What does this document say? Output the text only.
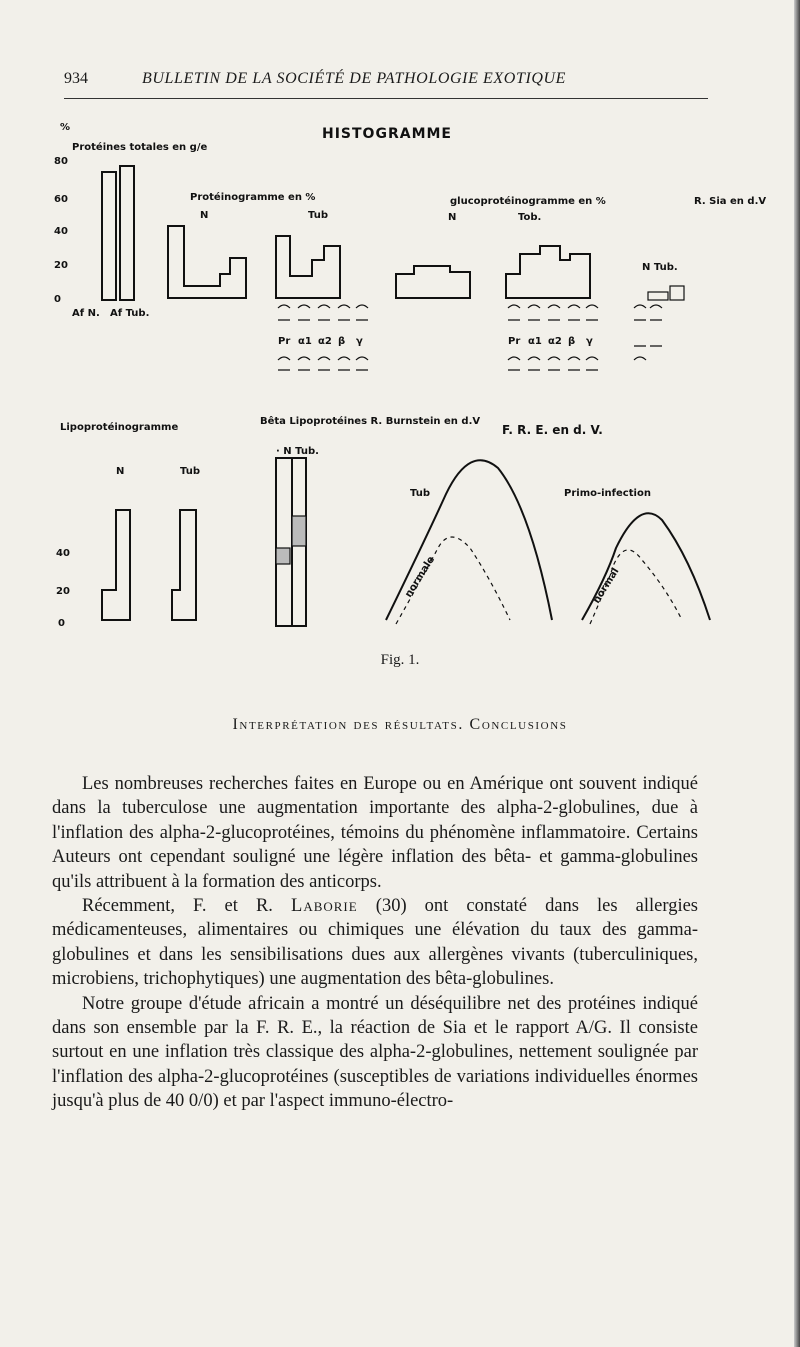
934	BULLETIN DE LA SOCIÉTÉ DE PATHOLOGIE EXOTIQUE
HISTOGRAMME
%
80
60
40
20
0
Protéines totales en g/e
Af N. Af Tub.
Protéinogramme en %
N	Tub
glucoprotéinogramme en %
N	Tob.
R. Sia en d.V
N Tub.
Pr α1 α2 β γ	Pr α1 α2 β γ
Lipoprotéinogramme
N	Tub
40
20
0
Bêta Lipoprotéines R. Burnstein en d.V
· N Tub.
F. R. E. en d. V.
Tub	Primo-infection
normale	normal
Fig. 1.
Interprétation des résultats. Conclusions

Les nombreuses recherches faites en Europe ou en Amérique ont souvent indiqué dans la tuberculose une augmentation importante des alpha-2-globulines, due à l'inflation des alpha-2-glucoprotéines, témoins du phénomène inflammatoire. Certains Auteurs ont cependant souligné une légère inflation des bêta- et gamma-globulines qu'ils attribuent à la formation des anticorps.

Récemment, F. et R. Laborie (30) ont constaté dans les allergies médicamenteuses, alimentaires ou chimiques une élévation du taux des gamma-globulines et dans les sensibilisations dues aux allergènes vivants (tuberculiniques, microbiens, trichophytiques) une augmentation des bêta-globulines.

Notre groupe d'étude africain a montré un déséquilibre net des protéines indiqué dans son ensemble par la F. R. E., la réaction de Sia et le rapport A/G. Il consiste surtout en une inflation très classique des alpha-2-globulines, nettement soulignée par l'inflation des alpha-2-glucoprotéines (susceptibles de variations individuelles énormes jusqu'à plus de 40 0/0) et par l'aspect immuno-électro-
